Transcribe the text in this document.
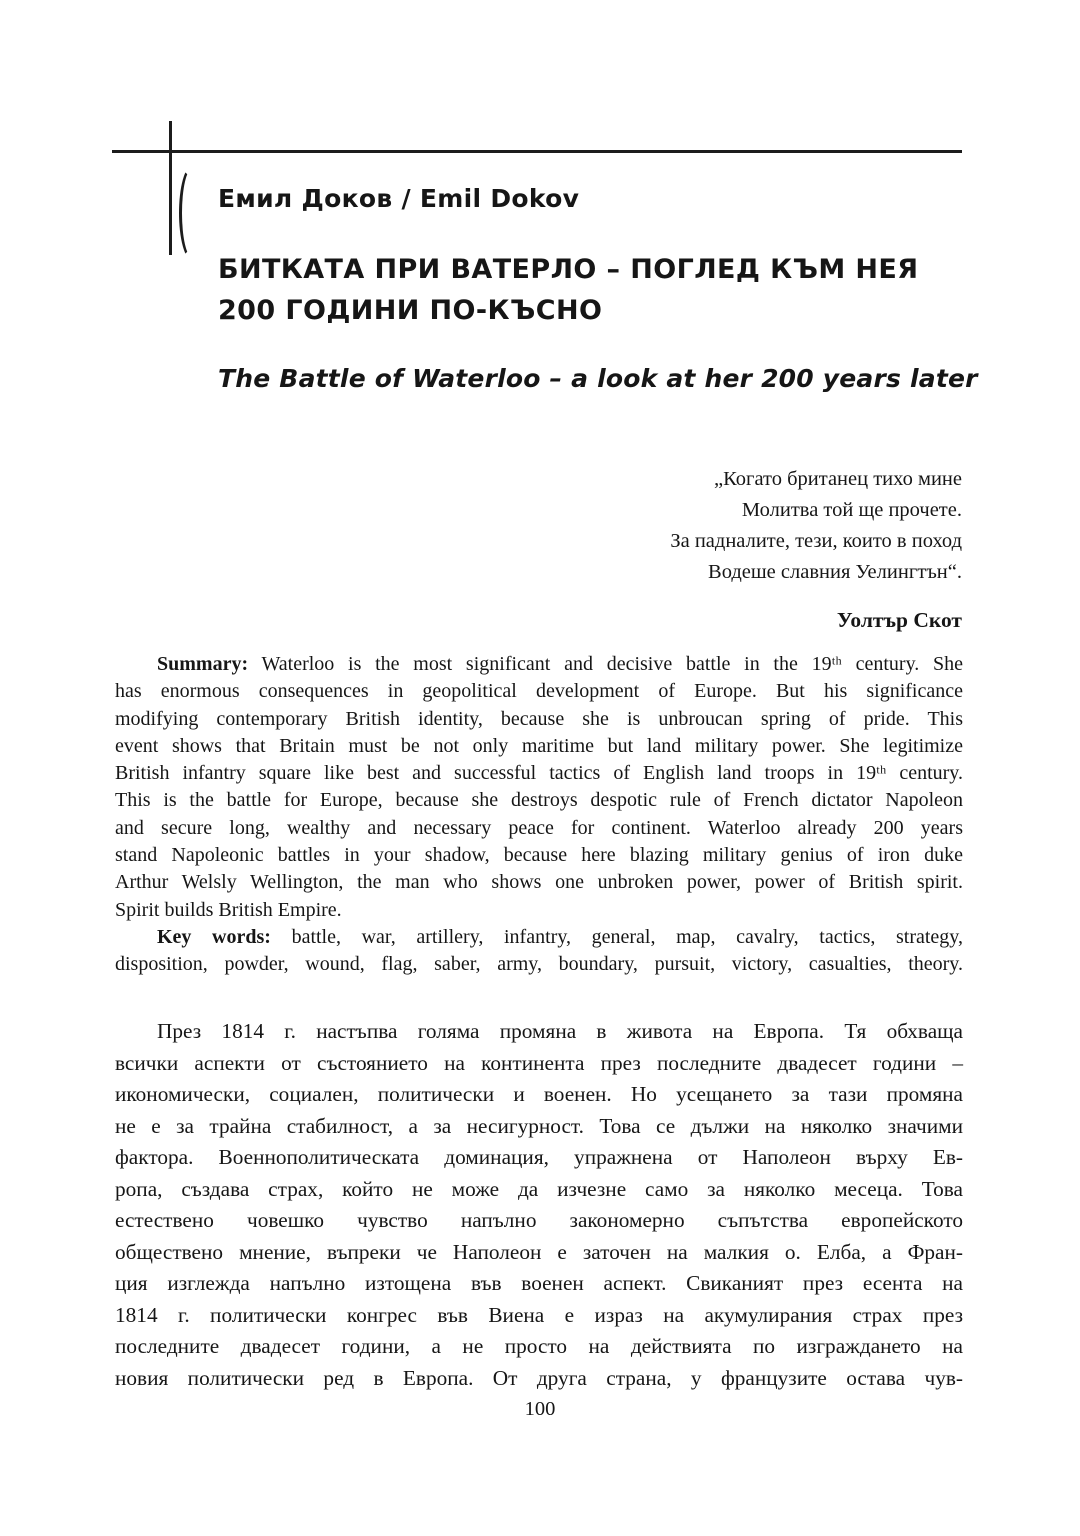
Емил Доков / Emil Dokov
БИТКАТА ПРИ ВАТЕРЛО – ПОГЛЕД КЪМ НЕЯ
200 ГОДИНИ ПО-КЪСНО
The Battle of Waterloo – a look at her 200 years later
„Когато британец тихо мине
Молитва той ще прочете.
За падналите, тези, които в поход
Водеше славния Уелингтън“.
Уолтър Скот
Summary: Waterloo is the most significant and decisive battle in the 19ᵗʰ century. She
has enormous consequences in geopolitical development of Europe. But his significance
modifying contemporary British identity, because she is unbroucan spring of pride. This
event shows that Britain must be not only maritime but land military power. She legitimize
British infantry square like best and successful tactics of English land troops in 19ᵗʰ century.
This is the battle for Europe, because she destroys despotic rule of French dictator Napoleon
and secure long, wealthy and necessary peace for continent. Waterloo already 200 years
stand Napoleonic battles in your shadow, because here blazing military genius of iron duke
Arthur Welsly Wellington, the man who shows one unbroken power, power of British spirit.
Spirit builds British Empire.
Key words: battle, war, artillery, infantry, general, map, cavalry, tactics, strategy,
disposition, powder, wound, flag, saber, army, boundary, pursuit, victory, casualties, theory.
През 1814 г. настъпва голяма промяна в живота на Европа. Тя обхваща
всички аспекти от състоянието на континента през последните двадесет години –
икономически, социален, политически и военен. Но усещането за тази промяна
не е за трайна стабилност, а за несигурност. Това се дължи на няколко значими
фактора. Военнополитическата доминация, упражнена от Наполеон върху Ев-
ропа, създава страх, който не може да изчезне само за няколко месеца. Това
естествено човешко чувство напълно закономерно съпътства европейското
обществено мнение, въпреки че Наполеон е заточен на малкия о. Елба, а Фран-
ция изглежда напълно изтощена във военен аспект. Свиканият през есента на
1814 г. политически конгрес във Виена е израз на акумулирания страх през
последните двадесет години, а не просто на действията по изграждането на
новия политически ред в Европа. От друга страна, у французите остава чув-
100
